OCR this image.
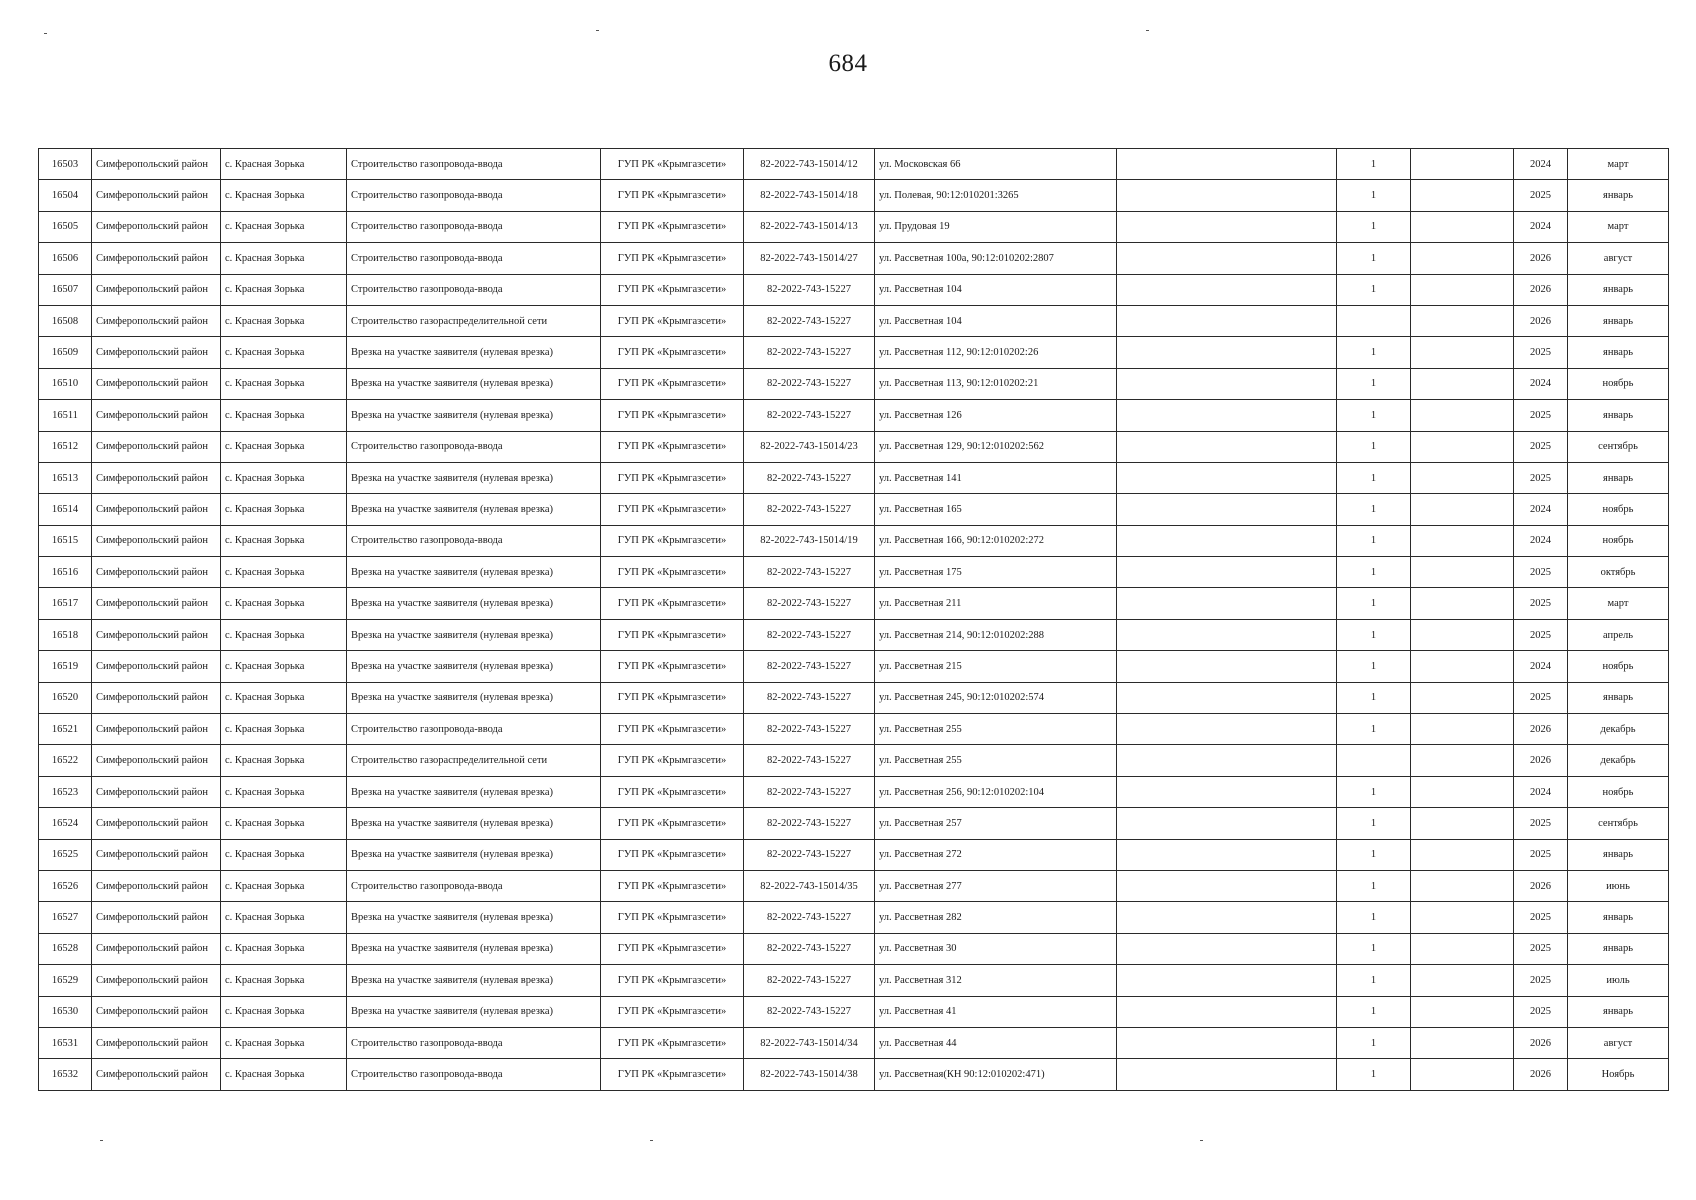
684
16503	Симферопольский район	с. Красная Зорька	Строительство газопровода-ввода	ГУП РК «Крымгазсети»	82-2022-743-15014/12	ул. Московская 66		1		2024	март
16504	Симферопольский район	с. Красная Зорька	Строительство газопровода-ввода	ГУП РК «Крымгазсети»	82-2022-743-15014/18	ул. Полевая, 90:12:010201:3265		1		2025	январь
16505	Симферопольский район	с. Красная Зорька	Строительство газопровода-ввода	ГУП РК «Крымгазсети»	82-2022-743-15014/13	ул. Прудовая 19		1		2024	март
16506	Симферопольский район	с. Красная Зорька	Строительство газопровода-ввода	ГУП РК «Крымгазсети»	82-2022-743-15014/27	ул. Рассветная 100а, 90:12:010202:2807		1		2026	август
16507	Симферопольский район	с. Красная Зорька	Строительство газопровода-ввода	ГУП РК «Крымгазсети»	82-2022-743-15227	ул. Рассветная 104		1		2026	январь
16508	Симферопольский район	с. Красная Зорька	Строительство газораспределительной сети	ГУП РК «Крымгазсети»	82-2022-743-15227	ул. Рассветная 104				2026	январь
16509	Симферопольский район	с. Красная Зорька	Врезка на участке заявителя (нулевая врезка)	ГУП РК «Крымгазсети»	82-2022-743-15227	ул. Рассветная 112, 90:12:010202:26		1		2025	январь
16510	Симферопольский район	с. Красная Зорька	Врезка на участке заявителя (нулевая врезка)	ГУП РК «Крымгазсети»	82-2022-743-15227	ул. Рассветная 113, 90:12:010202:21		1		2024	ноябрь
16511	Симферопольский район	с. Красная Зорька	Врезка на участке заявителя (нулевая врезка)	ГУП РК «Крымгазсети»	82-2022-743-15227	ул. Рассветная 126		1		2025	январь
16512	Симферопольский район	с. Красная Зорька	Строительство газопровода-ввода	ГУП РК «Крымгазсети»	82-2022-743-15014/23	ул. Рассветная 129, 90:12:010202:562		1		2025	сентябрь
16513	Симферопольский район	с. Красная Зорька	Врезка на участке заявителя (нулевая врезка)	ГУП РК «Крымгазсети»	82-2022-743-15227	ул. Рассветная 141		1		2025	январь
16514	Симферопольский район	с. Красная Зорька	Врезка на участке заявителя (нулевая врезка)	ГУП РК «Крымгазсети»	82-2022-743-15227	ул. Рассветная 165		1		2024	ноябрь
16515	Симферопольский район	с. Красная Зорька	Строительство газопровода-ввода	ГУП РК «Крымгазсети»	82-2022-743-15014/19	ул. Рассветная 166, 90:12:010202:272		1		2024	ноябрь
16516	Симферопольский район	с. Красная Зорька	Врезка на участке заявителя (нулевая врезка)	ГУП РК «Крымгазсети»	82-2022-743-15227	ул. Рассветная 175		1		2025	октябрь
16517	Симферопольский район	с. Красная Зорька	Врезка на участке заявителя (нулевая врезка)	ГУП РК «Крымгазсети»	82-2022-743-15227	ул. Рассветная 211		1		2025	март
16518	Симферопольский район	с. Красная Зорька	Врезка на участке заявителя (нулевая врезка)	ГУП РК «Крымгазсети»	82-2022-743-15227	ул. Рассветная 214, 90:12:010202:288		1		2025	апрель
16519	Симферопольский район	с. Красная Зорька	Врезка на участке заявителя (нулевая врезка)	ГУП РК «Крымгазсети»	82-2022-743-15227	ул. Рассветная 215		1		2024	ноябрь
16520	Симферопольский район	с. Красная Зорька	Врезка на участке заявителя (нулевая врезка)	ГУП РК «Крымгазсети»	82-2022-743-15227	ул. Рассветная 245, 90:12:010202:574		1		2025	январь
16521	Симферопольский район	с. Красная Зорька	Строительство газопровода-ввода	ГУП РК «Крымгазсети»	82-2022-743-15227	ул. Рассветная 255		1		2026	декабрь
16522	Симферопольский район	с. Красная Зорька	Строительство газораспределительной сети	ГУП РК «Крымгазсети»	82-2022-743-15227	ул. Рассветная 255				2026	декабрь
16523	Симферопольский район	с. Красная Зорька	Врезка на участке заявителя (нулевая врезка)	ГУП РК «Крымгазсети»	82-2022-743-15227	ул. Рассветная 256, 90:12:010202:104		1		2024	ноябрь
16524	Симферопольский район	с. Красная Зорька	Врезка на участке заявителя (нулевая врезка)	ГУП РК «Крымгазсети»	82-2022-743-15227	ул. Рассветная 257		1		2025	сентябрь
16525	Симферопольский район	с. Красная Зорька	Врезка на участке заявителя (нулевая врезка)	ГУП РК «Крымгазсети»	82-2022-743-15227	ул. Рассветная 272		1		2025	январь
16526	Симферопольский район	с. Красная Зорька	Строительство газопровода-ввода	ГУП РК «Крымгазсети»	82-2022-743-15014/35	ул. Рассветная 277		1		2026	июнь
16527	Симферопольский район	с. Красная Зорька	Врезка на участке заявителя (нулевая врезка)	ГУП РК «Крымгазсети»	82-2022-743-15227	ул. Рассветная 282		1		2025	январь
16528	Симферопольский район	с. Красная Зорька	Врезка на участке заявителя (нулевая врезка)	ГУП РК «Крымгазсети»	82-2022-743-15227	ул. Рассветная 30		1		2025	январь
16529	Симферопольский район	с. Красная Зорька	Врезка на участке заявителя (нулевая врезка)	ГУП РК «Крымгазсети»	82-2022-743-15227	ул. Рассветная 312		1		2025	июль
16530	Симферопольский район	с. Красная Зорька	Врезка на участке заявителя (нулевая врезка)	ГУП РК «Крымгазсети»	82-2022-743-15227	ул. Рассветная 41		1		2025	январь
16531	Симферопольский район	с. Красная Зорька	Строительство газопровода-ввода	ГУП РК «Крымгазсети»	82-2022-743-15014/34	ул. Рассветная 44		1		2026	август
16532	Симферопольский район	с. Красная Зорька	Строительство газопровода-ввода	ГУП РК «Крымгазсети»	82-2022-743-15014/38	ул. Рассветная(КН 90:12:010202:471)		1		2026	Ноябрь
